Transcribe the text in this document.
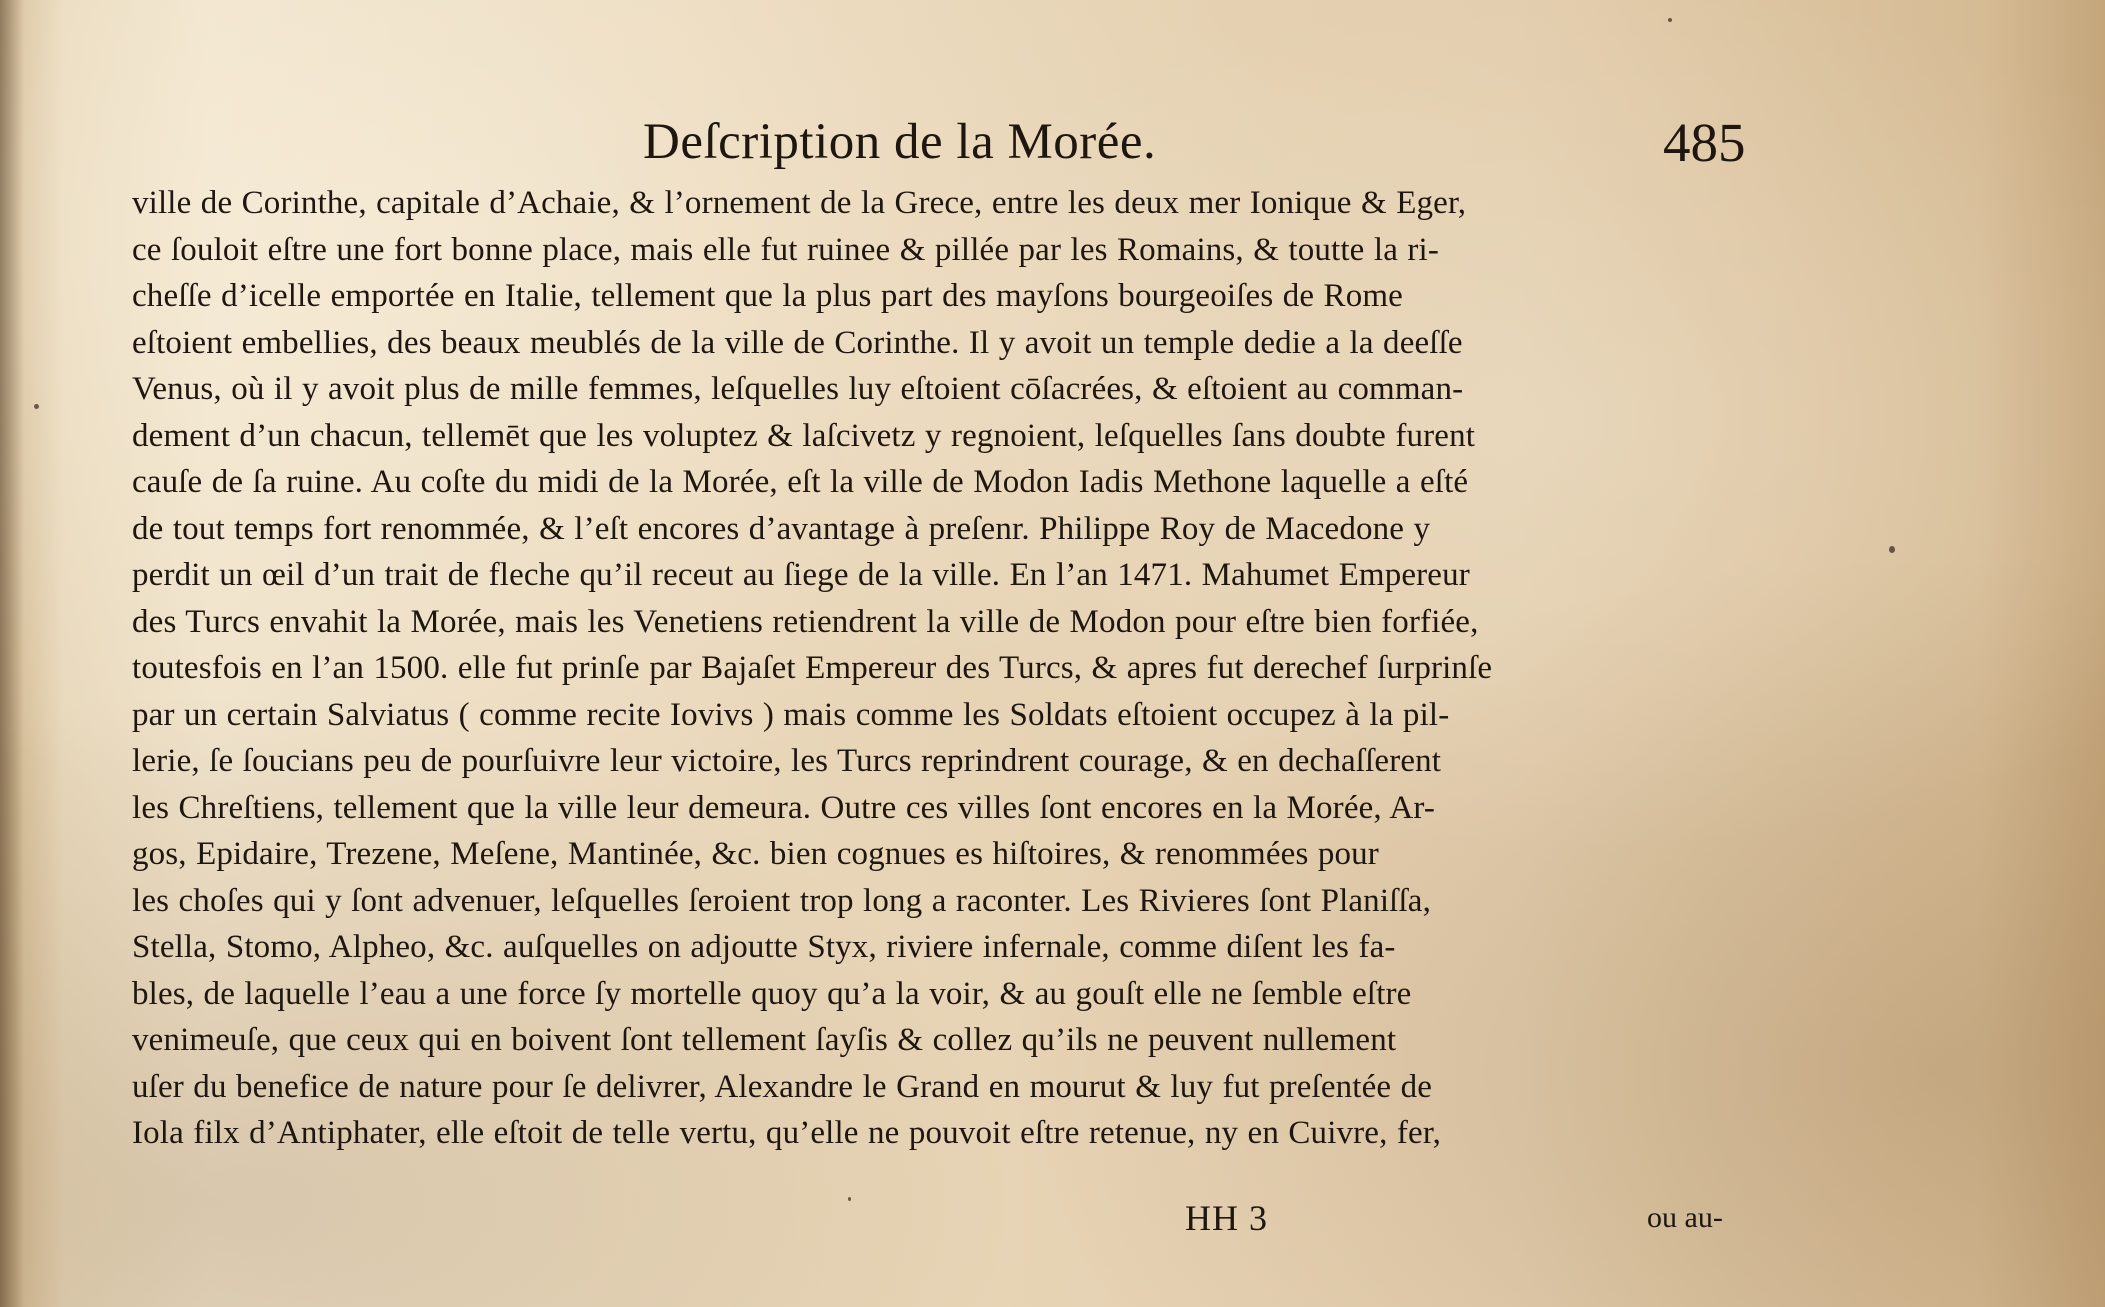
Deſcription de la Morée.	485
ville de Corinthe, capitale d’Achaie, & l’ornement de la Grece, entre les deux mer Ionique & Eger,
ce ſouloit eſtre une fort bonne place, mais elle fut ruinee & pillée par les Romains, & toutte la ri-
cheſſe d’icelle emportée en Italie, tellement que la plus part des mayſons bourgeoiſes de Rome
eſtoient embellies, des beaux meublés de la ville de Corinthe. Il y avoit un temple dedie a la deeſſe
Venus, où il y avoit plus de mille femmes, leſquelles luy eſtoient cōſacrées, & eſtoient au comman-
dement d’un chacun, tellemēt que les voluptez & laſcivetz y regnoient, leſquelles ſans doubte furent
cauſe de ſa ruine. Au coſte du midi de la Morée, eſt la ville de Modon Iadis Methone laquelle a eſté
de tout temps fort renommée, & l’eſt encores d’avantage à preſenr. Philippe Roy de Macedone y
perdit un œil d’un trait de fleche qu’il receut au ſiege de la ville. En l’an 1471. Mahumet Empereur
des Turcs envahit la Morée, mais les Venetiens retiendrent la ville de Modon pour eſtre bien forfiée,
toutesfois en l’an 1500. elle fut prinſe par Bajaſet Empereur des Turcs, & apres fut derechef ſurprinſe
par un certain Salviatus ( comme recite Iovivs ) mais comme les Soldats eſtoient occupez à la pil-
lerie, ſe ſoucians peu de pourſuivre leur victoire, les Turcs reprindrent courage, & en dechaſſerent
les Chreſtiens, tellement que la ville leur demeura. Outre ces villes ſont encores en la Morée, Ar-
gos, Epidaire, Trezene, Meſene, Mantinée, &c. bien cognues es hiſtoires, & renommées pour
les choſes qui y ſont advenuer, leſquelles ſeroient trop long a raconter. Les Rivieres ſont Planiſſa,
Stella, Stomo, Alpheo, &c. auſquelles on adjoutte Styx, riviere infernale, comme diſent les fa-
bles, de laquelle l’eau a une force ſy mortelle quoy qu’a la voir, & au gouſt elle ne ſemble eſtre
venimeuſe, que ceux qui en boivent ſont tellement ſayſis & collez qu’ils ne peuvent nullement
uſer du benefice de nature pour ſe delivrer, Alexandre le Grand en mourut & luy fut preſentée de
Iola filx d’Antiphater, elle eſtoit de telle vertu, qu’elle ne pouvoit eſtre retenue, ny en Cuivre, fer,
HH 3	ou au-
